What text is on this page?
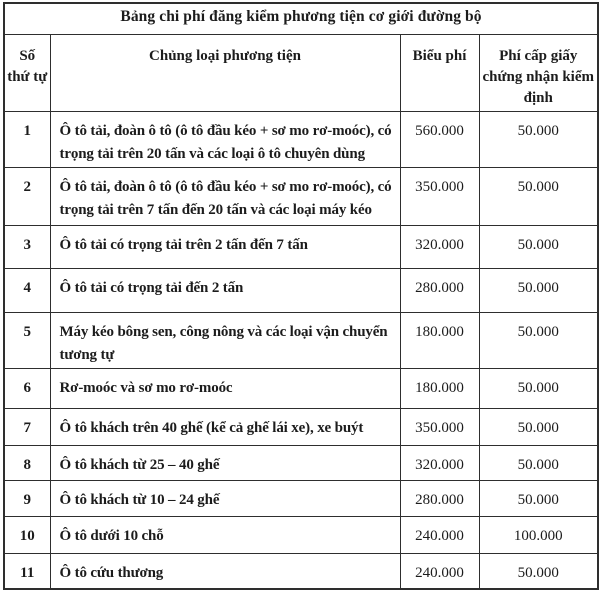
Bảng chi phí đăng kiểm phương tiện cơ giới đường bộ			
Số thứ tự	Chủng loại phương tiện	Biểu phí	Phí cấp giấy chứng nhận kiểm định
1	Ô tô tải, đoàn ô tô (ô tô đầu kéo + sơ mo rơ-moóc), có trọng tải trên 20 tấn và các loại ô tô chuyên dùng	560.000	50.000
2	Ô tô tải, đoàn ô tô (ô tô đầu kéo + sơ mo rơ-moóc), có trọng tải trên 7 tấn đến 20 tấn và các loại máy kéo	350.000	50.000
3	Ô tô tải có trọng tải trên 2 tấn đến 7 tấn	320.000	50.000
4	Ô tô tải có trọng tải đến 2 tấn	280.000	50.000
5	Máy kéo bông sen, công nông và các loại vận chuyển tương tự	180.000	50.000
6	Rơ-moóc và sơ mo rơ-moóc	180.000	50.000
7	Ô tô khách trên 40 ghế (kể cả ghế lái xe), xe buýt	350.000	50.000
8	Ô tô khách từ 25 – 40 ghế	320.000	50.000
9	Ô tô khách từ 10 – 24 ghế	280.000	50.000
10	Ô tô dưới 10 chỗ	240.000	100.000
11	Ô tô cứu thương	240.000	50.000
